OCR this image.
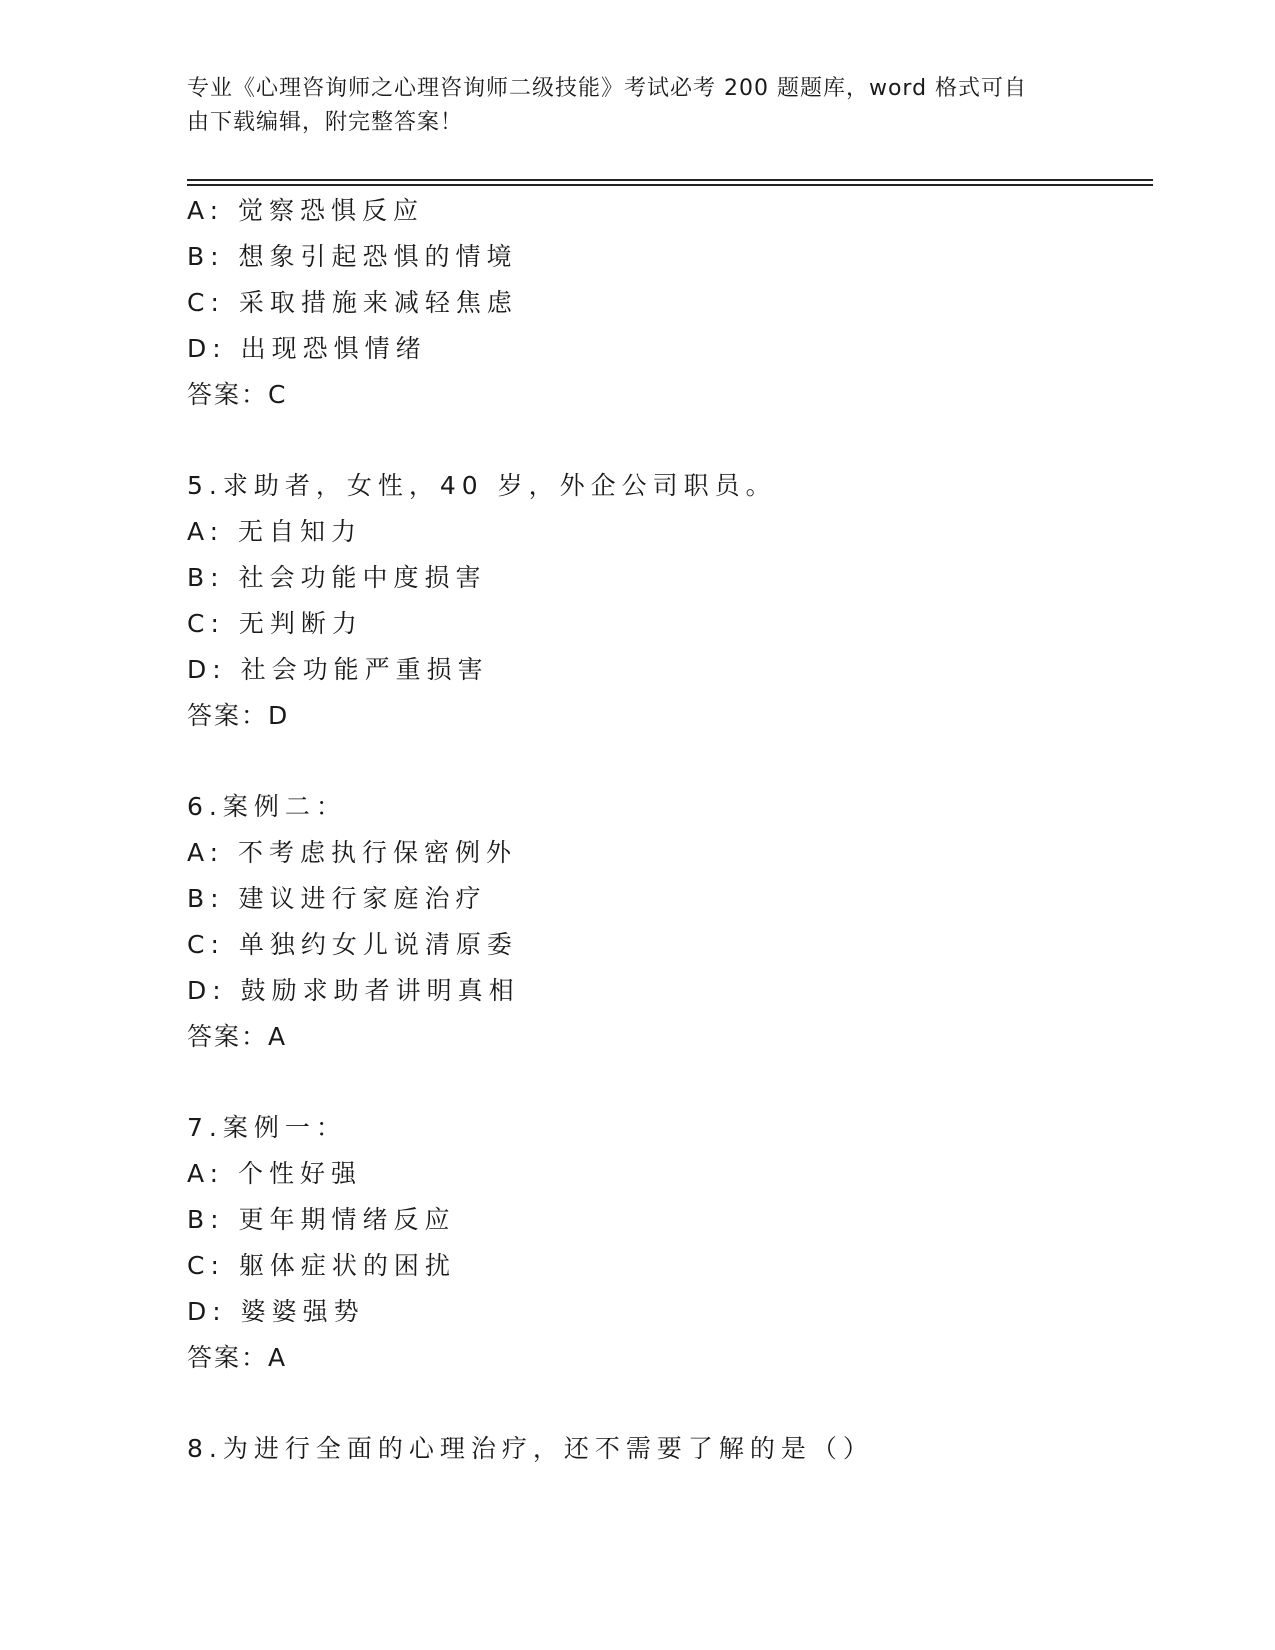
专业《心理咨询师之心理咨询师二级技能》考试必考 200 题题库，word 格式可自
由下载编辑，附完整答案！
A: 觉察恐惧反应
B: 想象引起恐惧的情境
C: 采取措施来减轻焦虑
D: 出现恐惧情绪
答案：C
5.求助者，女性，40 岁，外企公司职员。
A: 无自知力
B: 社会功能中度损害
C: 无判断力
D: 社会功能严重损害
答案：D
6.案例二：
A: 不考虑执行保密例外
B: 建议进行家庭治疗
C: 单独约女儿说清原委
D: 鼓励求助者讲明真相
答案：A
7.案例一：
A: 个性好强
B: 更年期情绪反应
C: 躯体症状的困扰
D: 婆婆强势
答案：A
8.为进行全面的心理治疗，还不需要了解的是（）
